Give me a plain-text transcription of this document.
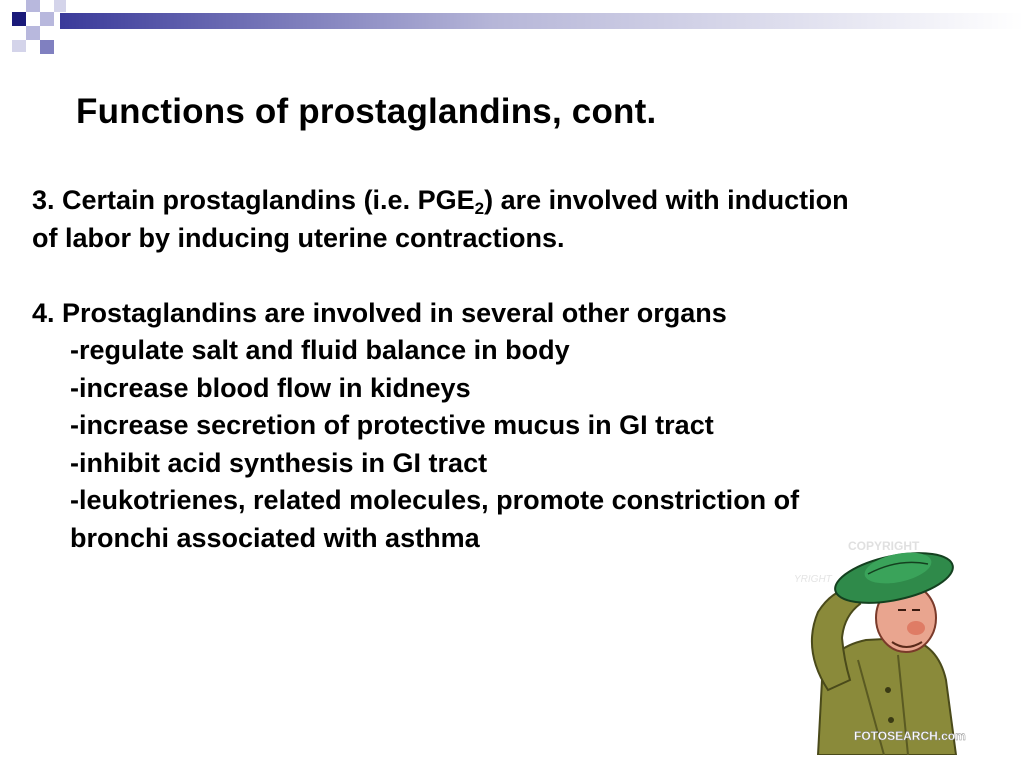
Functions of prostaglandins, cont.
3. Certain prostaglandins (i.e. $PGE_2$) are involved with induction
of labor by inducing uterine contractions.
4. Prostaglandins are involved in several other organs
-regulate salt and fluid balance in body
-increase blood flow in kidneys
-increase secretion of protective mucus in GI tract
-inhibit acid synthesis in GI tract
-leukotrienes, related molecules, promote constriction of
bronchi associated with asthma	COPYRIGHT
YRIGHT
FOTOSEARCH.com
